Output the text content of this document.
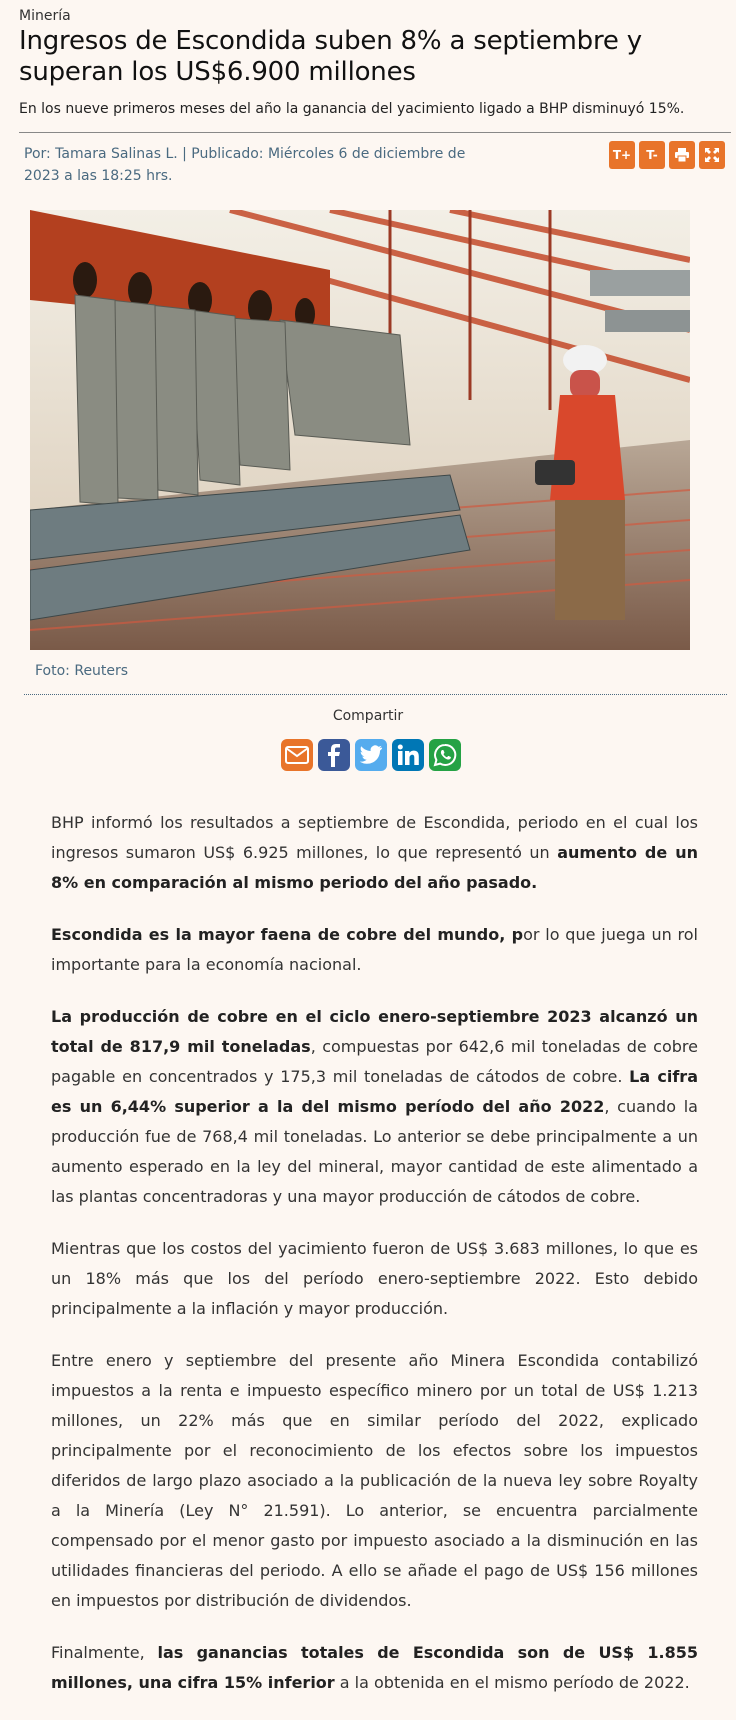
Minería
Ingresos de Escondida suben 8% a septiembre y superan los US$6.900 millones
En los nueve primeros meses del año la ganancia del yacimiento ligado a BHP disminuyó 15%.
Por: Tamara Salinas L. | Publicado: Miércoles 6 de diciembre de 2023 a las 18:25 hrs.
T+	T-
Foto: Reuters
Compartir

BHP informó los resultados a septiembre de Escondida, periodo en el cual los ingresos sumaron US$ 6.925 millones, lo que representó un aumento de un 8% en comparación al mismo periodo del año pasado.

Escondida es la mayor faena de cobre del mundo, por lo que juega un rol importante para la economía nacional.

La producción de cobre en el ciclo enero-septiembre 2023 alcanzó un total de 817,9 mil toneladas, compuestas por 642,6 mil toneladas de cobre pagable en concentrados y 175,3 mil toneladas de cátodos de cobre. La cifra es un 6,44% superior a la del mismo período del año 2022, cuando la producción fue de 768,4 mil toneladas. Lo anterior se debe principalmente a un aumento esperado en la ley del mineral, mayor cantidad de este alimentado a las plantas concentradoras y una mayor producción de cátodos de cobre.

Mientras que los costos del yacimiento fueron de US$ 3.683 millones, lo que es un 18% más que los del período enero-septiembre 2022. Esto debido principalmente a la inflación y mayor producción.

Entre enero y septiembre del presente año Minera Escondida contabilizó impuestos a la renta e impuesto específico minero por un total de US$ 1.213 millones, un 22% más que en similar período del 2022, explicado principalmente por el reconocimiento de los efectos sobre los impuestos diferidos de largo plazo asociado a la publicación de la nueva ley sobre Royalty a la Minería (Ley N° 21.591). Lo anterior, se encuentra parcialmente compensado por el menor gasto por impuesto asociado a la disminución en las utilidades financieras del periodo. A ello se añade el pago de US$ 156 millones en impuestos por distribución de dividendos.

Finalmente, las ganancias totales de Escondida son de US$ 1.855 millones, una cifra 15% inferior a la obtenida en el mismo período de 2022.
